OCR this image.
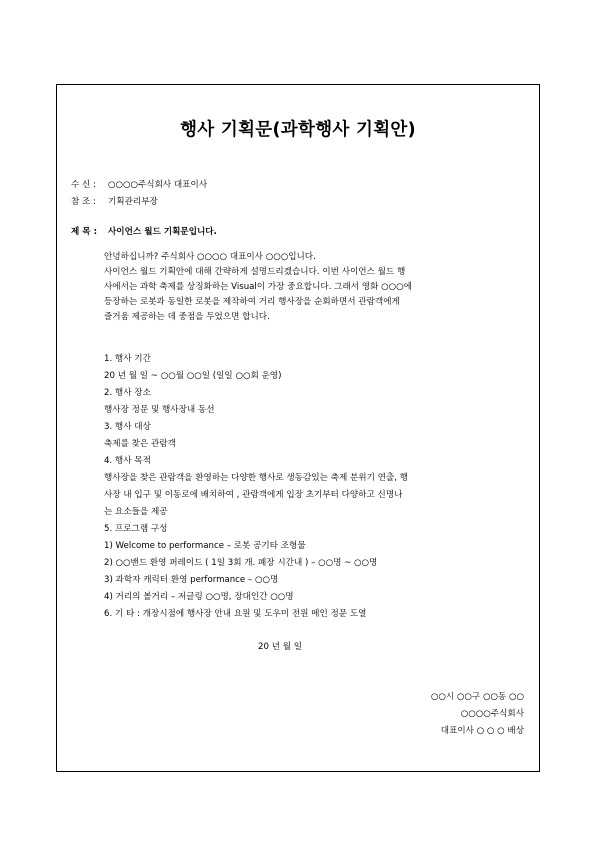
행사 기획문(과학행사 기획안)
수 신 : ○○○○주식회사 대표이사
참 조 : 기획관리부장
제 목 : 사이언스 월드 기획문입니다.
안녕하십니까? 주식회사 ○○○○ 대표이사 ○○○입니다.
사이언스 월드 기획안에 대해 간략하게 설명드리겠습니다. 이번 사이언스 월드 행
사에서는 과학 축제를 상징화하는 Visual이 가장 중요합니다. 그래서 영화 ○○○에
등장하는 로봇과 동일한 로봇을 제작하여 거리 행사장을 순회하면서 관람객에게
즐거움 제공하는 데 중점을 두었으면 합니다.
1. 행사 기간
20 년 월 일 ~ ○○월 ○○일 (일일 ○○회 운영)
2. 행사 장소
행사장 정문 및 행사장내 동선
3. 행사 대상
축제를 찾은 관람객
4. 행사 목적
행사장을 찾은 관람객을 환영하는 다양한 행사로 생동감있는 축제 분위기 연출, 행
사장 내 입구 및 이동로에 배치하여 , 관람객에게 입장 초기부터 다양하고 신명나
는 요소들을 제공
5. 프로그램 구성
1) Welcome to performance – 로봇 공기타 조형물
2) ○○밴드 환영 퍼레이드 ( 1일 3회 개. 폐장 시간내 ) – ○○명 ~ ○○명
3) 과학자 캐릭터 환영 performance – ○○명
4) 거리의 볼거리 – 저글링 ○○명, 장대인간 ○○명
6. 기 타 : 개장시점에 행사장 안내 요원 및 도우미 전원 메인 정문 도열
20 년 월 일
○○시 ○○구 ○○동 ○○
○○○○주식회사
대표이사 ○ ○ ○ 배상
